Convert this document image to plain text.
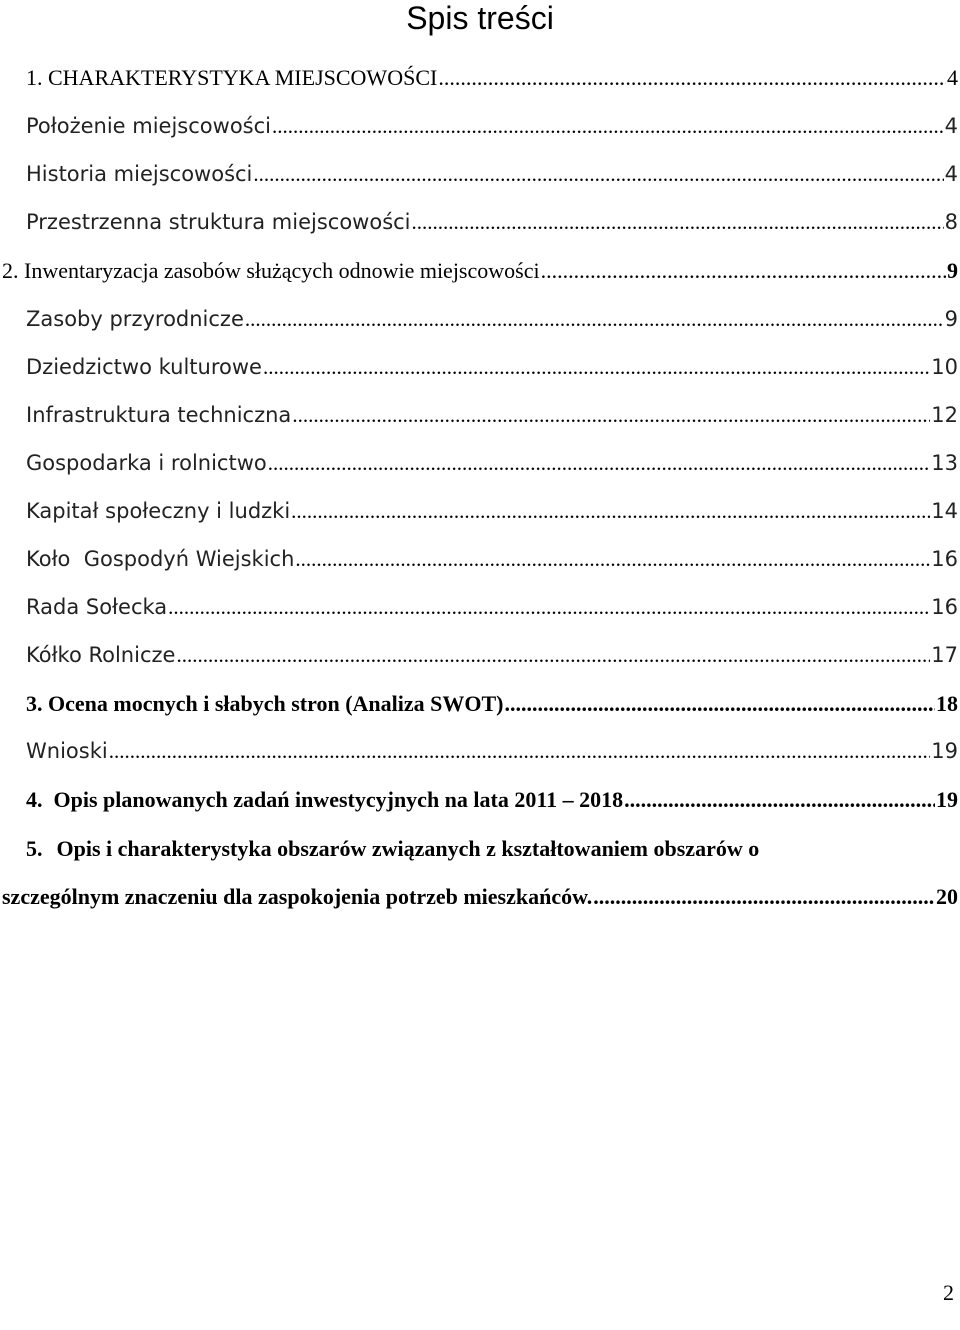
Spis treści
1. CHARAKTERYSTYKA MIEJSCOWOŚCI .....	4
Położenie miejscowości .....	4
Historia miejscowości .....	4
Przestrzenna struktura miejscowości .....	8
2. Inwentaryzacja zasobów służących odnowie miejscowości .....	9
Zasoby przyrodnicze .....	9
Dziedzictwo kulturowe .....	10
Infrastruktura techniczna .....	12
Gospodarka i rolnictwo .....	13
Kapitał społeczny i ludzki .....	14
Koło  Gospodyń Wiejskich .....	16
Rada Sołecka .....	16
Kółko Rolnicze .....	17
3. Ocena mocnych i słabych stron (Analiza SWOT) .....	18
Wnioski .....	19
4.  Opis planowanych zadań inwestycyjnych na lata 2011 – 2018 .....	19
5. Opis i charakterystyka obszarów związanych z kształtowaniem obszarów o
szczególnym znaczeniu dla zaspokojenia potrzeb mieszkańców. .....	20
2
